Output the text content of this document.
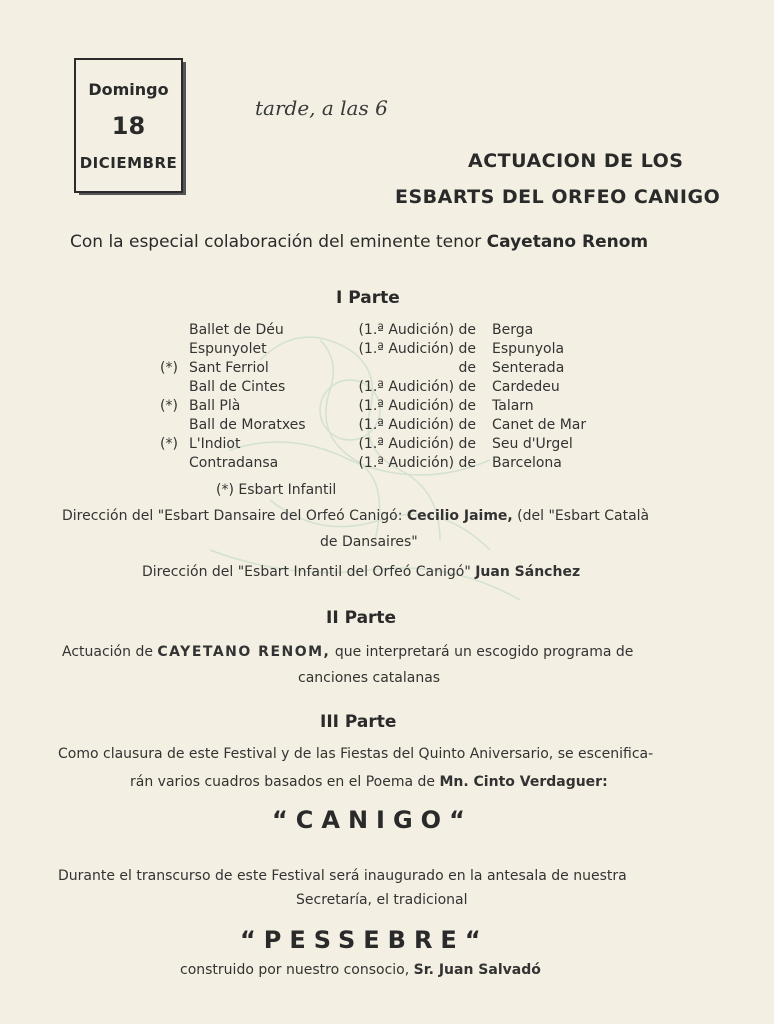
Domingo
18
DICIEMBRE
tarde, a las 6
ACTUACION DE LOS
ESBARTS DEL ORFEO CANIGO
Con la especial colaboración del eminente tenor Cayetano Renom
I Parte
Ballet de Déu	(1.ª Audición) de Berga
Espunyolet	(1.ª Audición) de Espunyola
(*) Sant Ferriol	de Senterada
Ball de Cintes	(1.ª Audición) de Cardedeu
(*) Ball Plà	(1.ª Audición) de Talarn
Ball de Moratxes	(1.ª Audición) de Canet de Mar
(*) L'Indiot	(1.ª Audición) de Seu d'Urgel
Contradansa	(1.ª Audición) de Barcelona
(*) Esbart Infantil
Dirección del "Esbart Dansaire del Orfeó Canigó: Cecilio Jaime, (del "Esbart Català
de Dansaires"
Dirección del "Esbart Infantil del Orfeó Canigó" Juan Sánchez
II Parte
Actuación de CAYETANO RENOM, que interpretará un escogido programa de
canciones catalanas
III Parte
Como clausura de este Festival y de las Fiestas del Quinto Aniversario, se escenifica-
rán varios cuadros basados en el Poema de Mn. Cinto Verdaguer:
“CANIGO“
Durante el transcurso de este Festival será inaugurado en la antesala de nuestra
Secretaría, el tradicional
“PESSEBRE“
construido por nuestro consocio, Sr. Juan Salvadó
